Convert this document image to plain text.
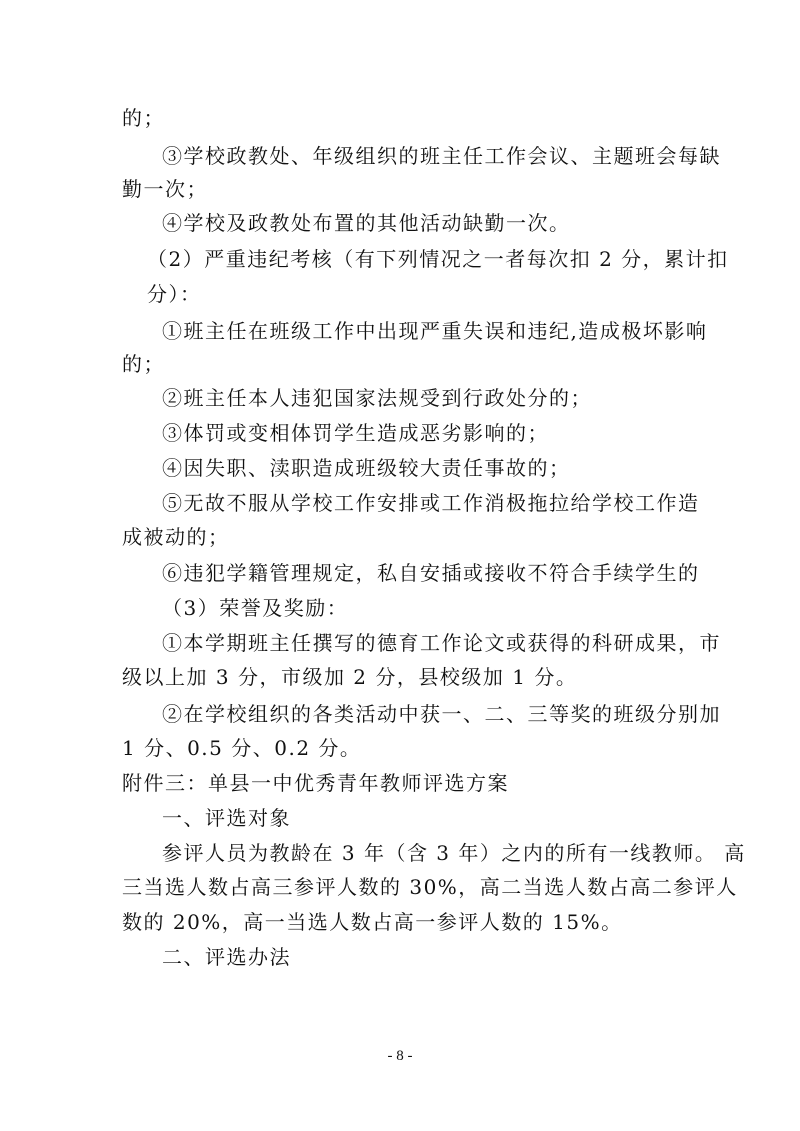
的；
③学校政教处、年级组织的班主任工作会议、主题班会每缺
勤一次；
④学校及政教处布置的其他活动缺勤一次。
（2）严重违纪考核（有下列情况之一者每次扣 2 分，累计扣
分）：
①班主任在班级工作中出现严重失误和违纪,造成极坏影响
的；
②班主任本人违犯国家法规受到行政处分的；
③体罚或变相体罚学生造成恶劣影响的；
④因失职、渎职造成班级较大责任事故的；
⑤无故不服从学校工作安排或工作消极拖拉给学校工作造
成被动的；
⑥违犯学籍管理规定，私自安插或接收不符合手续学生的
（3）荣誉及奖励：
①本学期班主任撰写的德育工作论文或获得的科研成果，市
级以上加 3 分，市级加 2 分，县校级加 1 分。
②在学校组织的各类活动中获一、二、三等奖的班级分别加
1 分、0.5 分、0.2 分。
附件三：单县一中优秀青年教师评选方案
一、评选对象
参评人员为教龄在 3 年（含 3 年）之内的所有一线教师。 高
三当选人数占高三参评人数的 30%，高二当选人数占高二参评人
数的 20%，高一当选人数占高一参评人数的 15%。
二、评选办法
- 8 -
